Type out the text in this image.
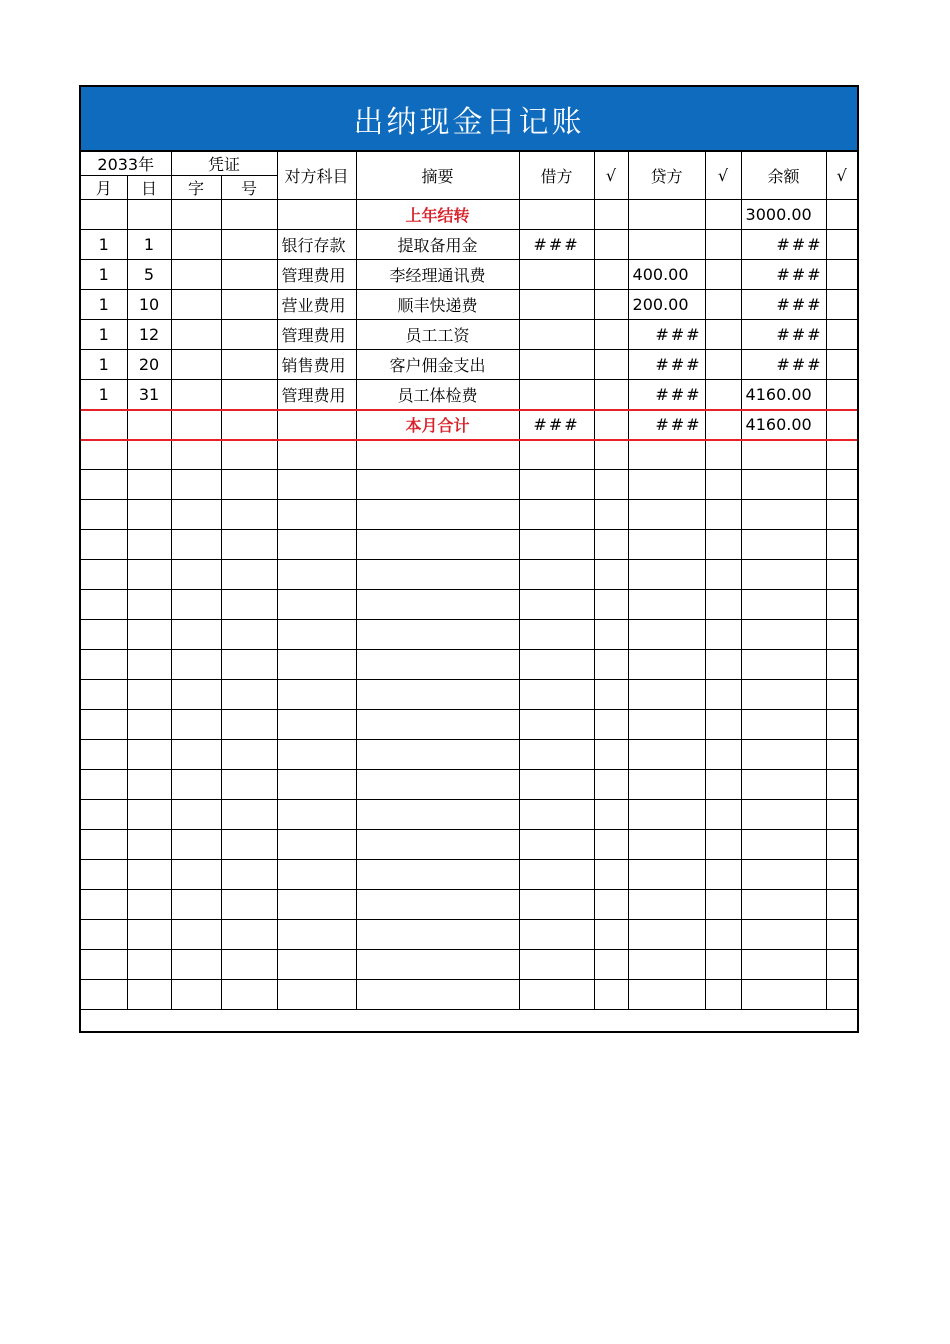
出纳现金日记账
2033年		凭证		对方科目	摘要	借方	√	贷方	√	余额	√
月	日	字	号								
					上年结转					3000.00	
1	1			银行存款	提取备用金	###				###	
1	5			管理费用	李经理通讯费			400.00		###	
1	10			营业费用	顺丰快递费			200.00		###	
1	12			管理费用	员工工资			###		###	
1	20			销售费用	客户佣金支出			###		###	
1	31			管理费用	员工体检费			###		4160.00	
					本月合计	###		###		4160.00	
